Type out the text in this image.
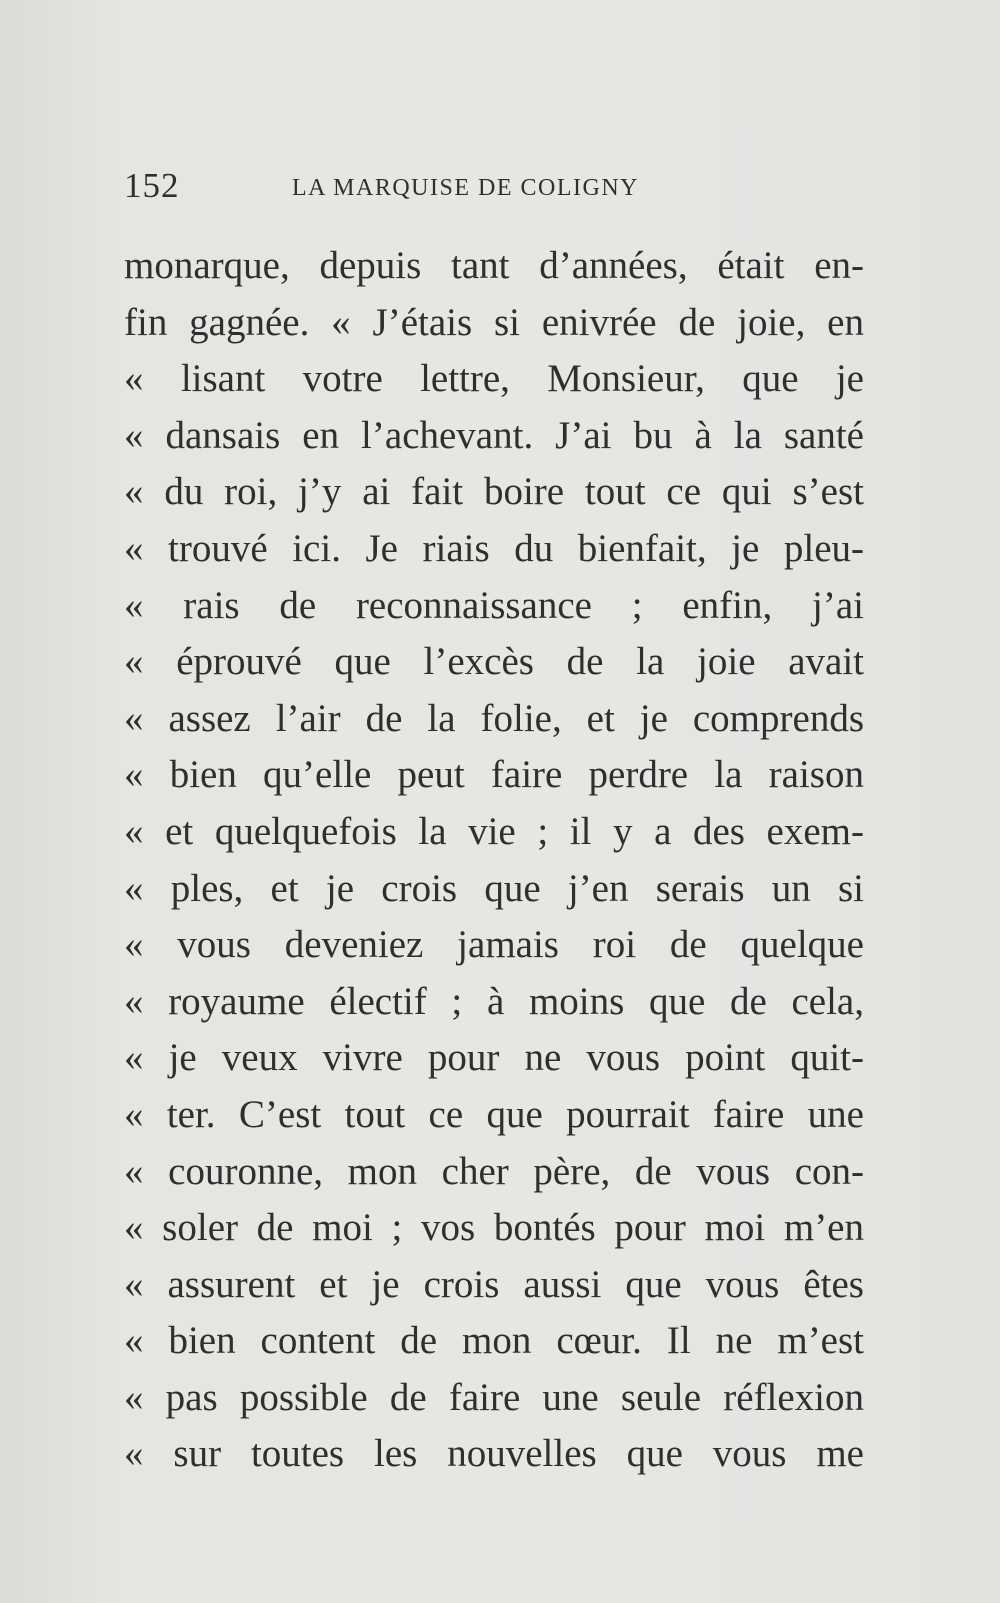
152	LA MARQUISE DE COLIGNY
monarque, depuis tant d’années, était en-
fin gagnée. « J’étais si enivrée de joie, en
« lisant votre lettre, Monsieur, que je
« dansais en l’achevant. J’ai bu à la santé
« du roi, j’y ai fait boire tout ce qui s’est
« trouvé ici. Je riais du bienfait, je pleu-
« rais de reconnaissance ; enfin, j’ai
« éprouvé que l’excès de la joie avait
« assez l’air de la folie, et je comprends
« bien qu’elle peut faire perdre la raison
« et quelquefois la vie ; il y a des exem-
« ples, et je crois que j’en serais un si
« vous deveniez jamais roi de quelque
« royaume électif ; à moins que de cela,
« je veux vivre pour ne vous point quit-
« ter. C’est tout ce que pourrait faire une
« couronne, mon cher père, de vous con-
« soler de moi ; vos bontés pour moi m’en
« assurent et je crois aussi que vous êtes
« bien content de mon cœur. Il ne m’est
« pas possible de faire une seule réflexion
« sur toutes les nouvelles que vous me
